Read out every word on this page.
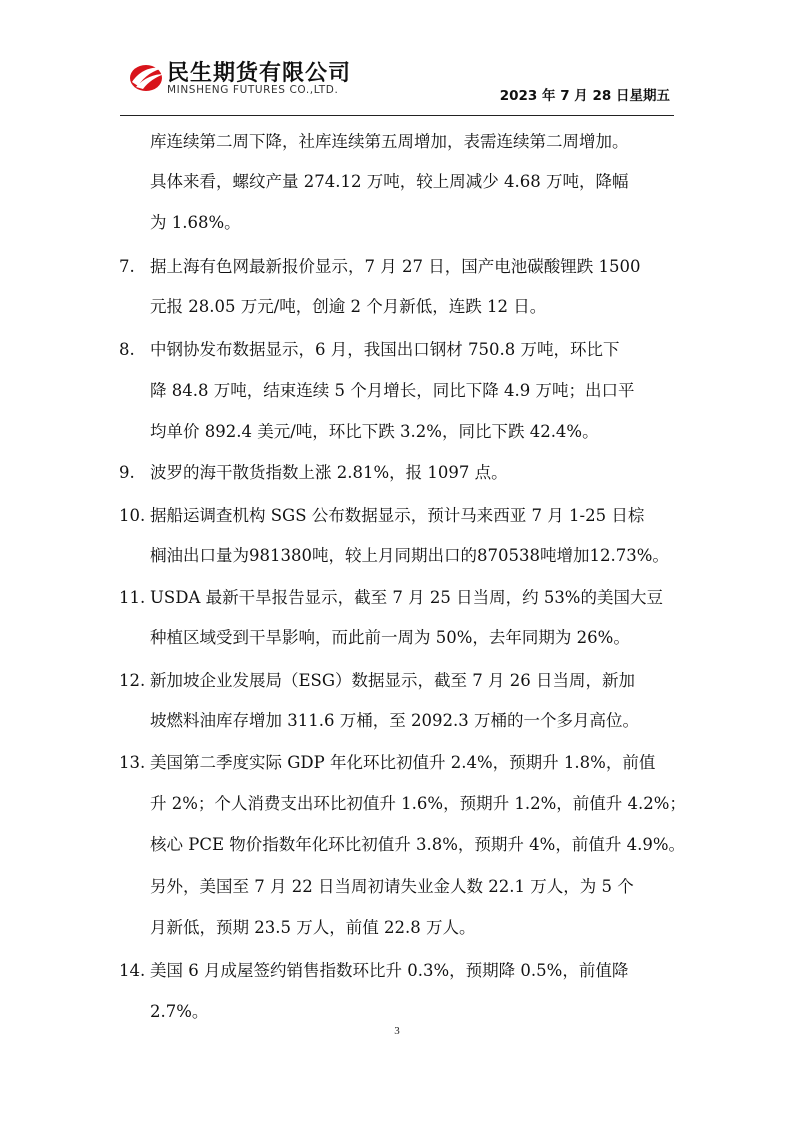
民生期货有限公司
MINSHENG FUTURES CO.,LTD.	2023 年 7 月 28 日星期五
库连续第二周下降，社库连续第五周增加，表需连续第二周增加。
具体来看，螺纹产量 274.12 万吨，较上周减少 4.68 万吨，降幅
为 1.68%。
7. 据上海有色网最新报价显示，7 月 27 日，国产电池碳酸锂跌 1500
元报 28.05 万元/吨，创逾 2 个月新低，连跌 12 日。
8. 中钢协发布数据显示，6 月，我国出口钢材 750.8 万吨，环比下
降 84.8 万吨，结束连续 5 个月增长，同比下降 4.9 万吨；出口平
均单价 892.4 美元/吨，环比下跌 3.2%，同比下跌 42.4%。
9. 波罗的海干散货指数上涨 2.81%，报 1097 点。
10. 据船运调查机构 SGS 公布数据显示，预计马来西亚 7 月 1-25 日棕
榈油出口量为981380吨，较上月同期出口的870538吨增加12.73%。
11. USDA 最新干旱报告显示，截至 7 月 25 日当周，约 53%的美国大豆
种植区域受到干旱影响，而此前一周为 50%，去年同期为 26%。
12. 新加坡企业发展局（ESG）数据显示，截至 7 月 26 日当周，新加
坡燃料油库存增加 311.6 万桶，至 2092.3 万桶的一个多月高位。
13. 美国第二季度实际 GDP 年化环比初值升 2.4%，预期升 1.8%，前值
升 2%；个人消费支出环比初值升 1.6%，预期升 1.2%，前值升 4.2%；
核心 PCE 物价指数年化环比初值升 3.8%，预期升 4%，前值升 4.9%。
另外，美国至 7 月 22 日当周初请失业金人数 22.1 万人，为 5 个
月新低，预期 23.5 万人，前值 22.8 万人。
14. 美国 6 月成屋签约销售指数环比升 0.3%，预期降 0.5%，前值降
2.7%。
3
